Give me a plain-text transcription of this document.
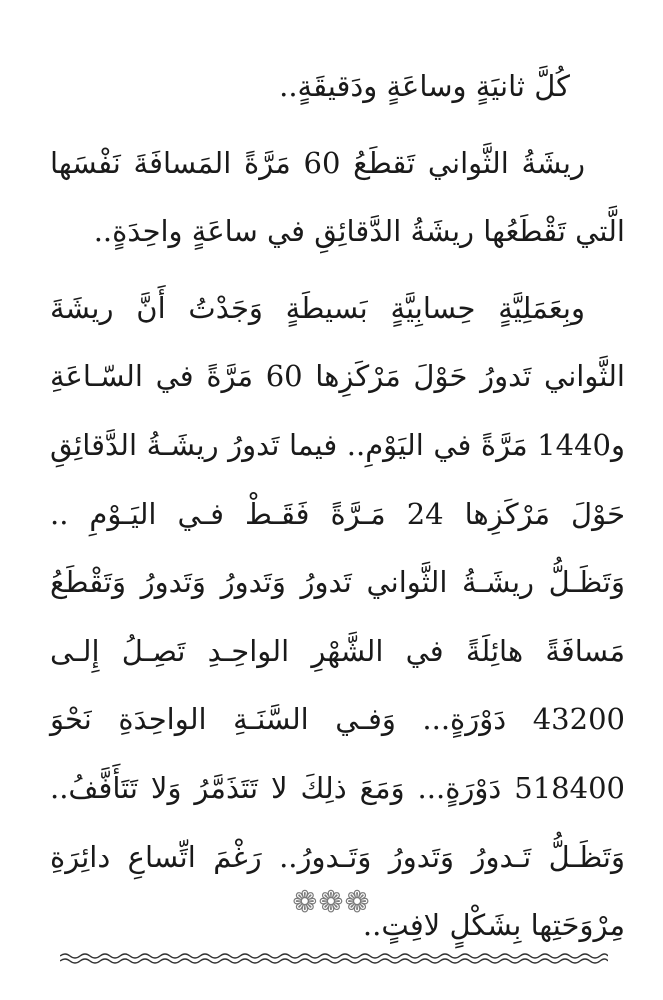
كُلَّ ثانيَةٍ وساعَةٍ ودَقيقَةٍ..

ريشَةُ الثَّواني تَقطَعُ 60 مَرَّةً المَسافَةَ نَفْسَها الَّتي تَقْطَعُها ريشَةُ الدَّقائِقِ في ساعَةٍ واحِدَةٍ..

وبِعَمَلِيَّةٍ حِسابِيَّةٍ بَسيطَةٍ وَجَدْتُ أَنَّ ريشَةَ الثَّواني تَدورُ حَوْلَ مَرْكَزِها 60 مَرَّةً في السّـاعَةِ و1440 مَرَّةً في اليَوْمِ.. فيما تَدورُ ريشَـةُ الدَّقائِقِ حَوْلَ مَرْكَزِها 24 مَـرَّةً فَقَـطْ فـي اليَـوْمِ .. وَتَظَـلُّ ريشَـةُ الثَّواني تَدورُ وَتَدورُ وَتَدورُ وَتَقْطَعُ مَسافَةً هائِلَةً في الشَّهْرِ الواحِـدِ تَصِـلُ إِلـى 43200 دَوْرَةٍ... وَفـي السَّنَـةِ الواحِدَةِ نَحْوَ 518400 دَوْرَةٍ... وَمَعَ ذلِكَ لا تَتَذَمَّرُ وَلا تَتَأَفَّفُ.. وَتَظَـلُّ تَـدورُ وَتَدورُ وَتَـدورُ.. رَغْمَ اتِّساعِ دائِرَةِ مِرْوَحَتِها بِشَكْلٍ لافِتٍ..

❁❁❁
